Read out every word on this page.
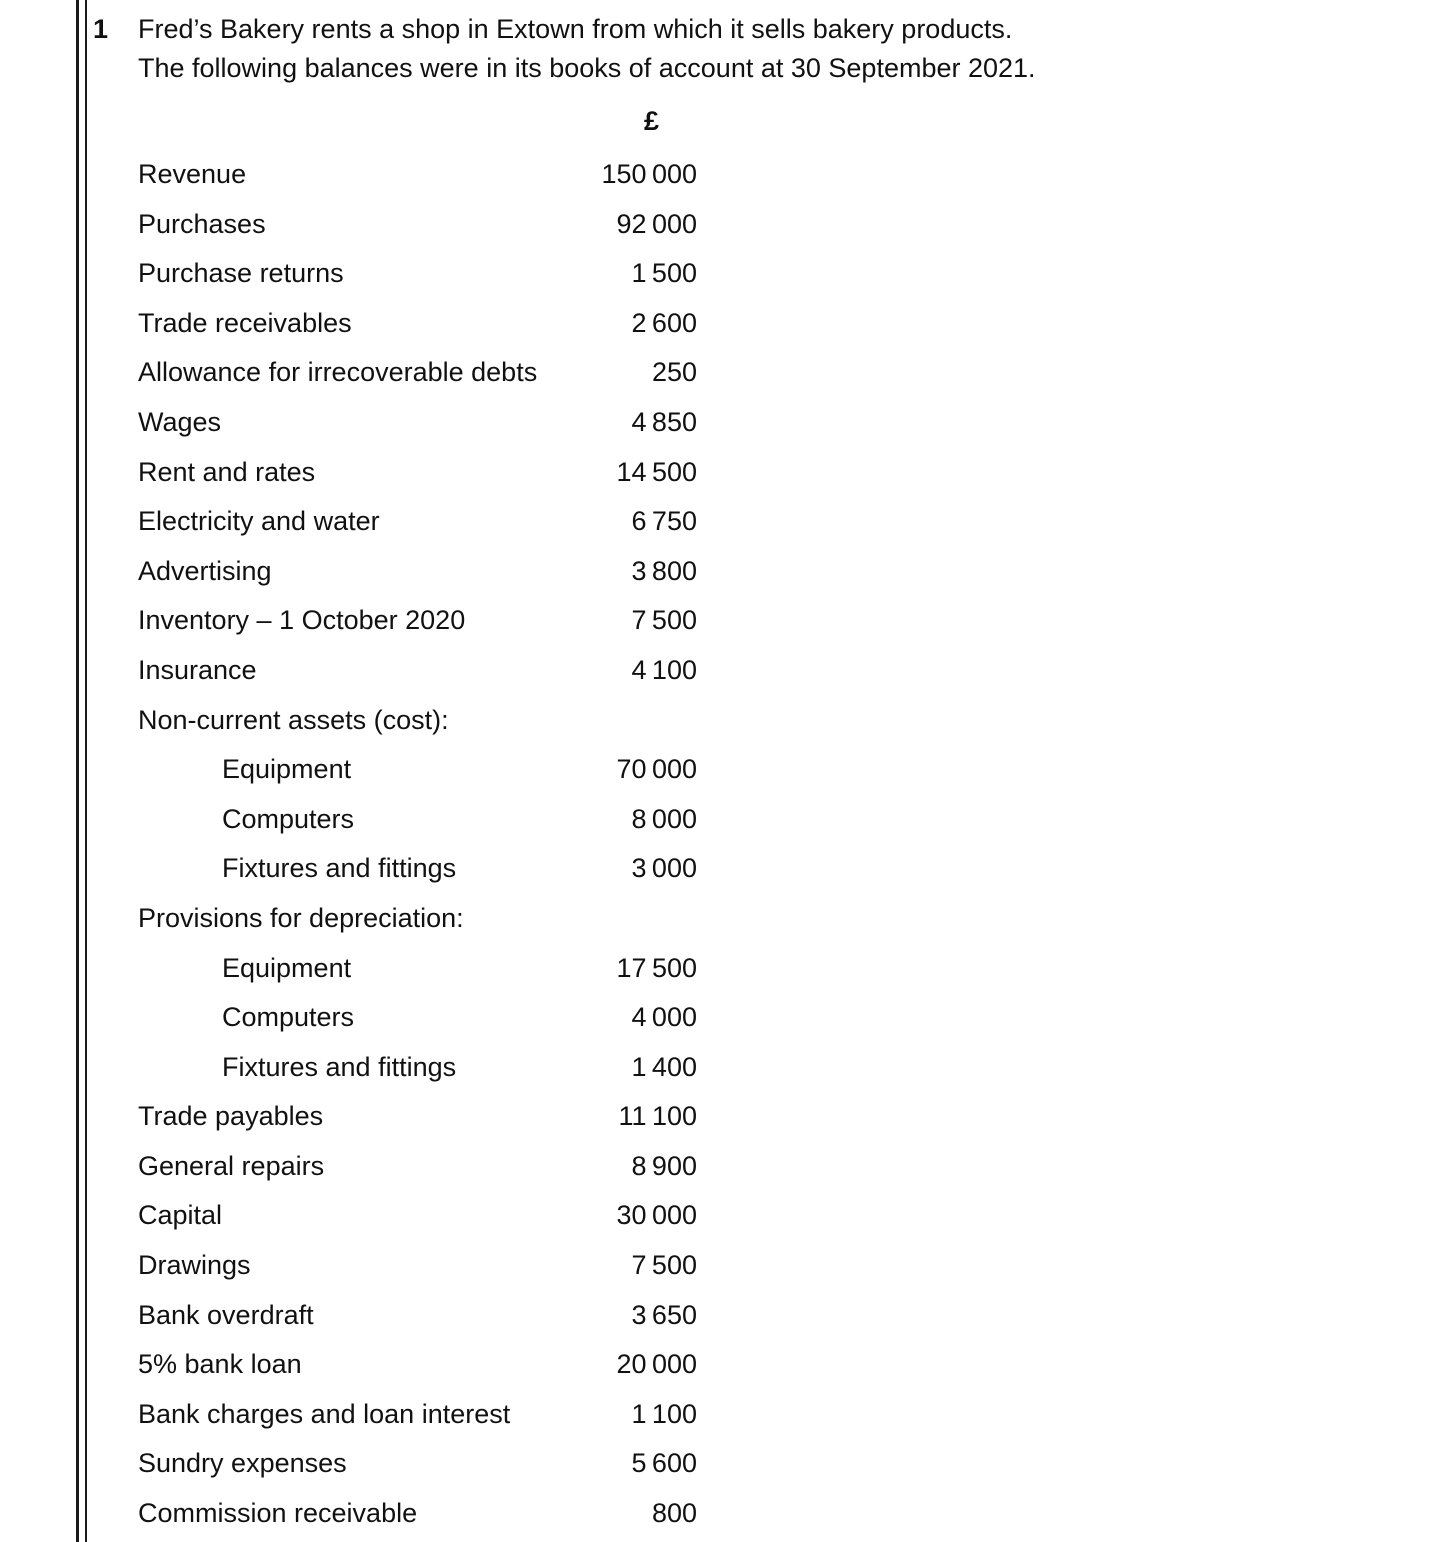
1 Fred’s Bakery rents a shop in Extown from which it sells bakery products.
The following balances were in its books of account at 30 September 2021.
£
Revenue	150 000
Purchases	92 000
Purchase returns	1 500
Trade receivables	2 600
Allowance for irrecoverable debts	250
Wages	4 850
Rent and rates	14 500
Electricity and water	6 750
Advertising	3 800
Inventory – 1 October 2020	7 500
Insurance	4 100
Non-current assets (cost):
Equipment	70 000
Computers	8 000
Fixtures and fittings	3 000
Provisions for depreciation:
Equipment	17 500
Computers	4 000
Fixtures and fittings	1 400
Trade payables	11 100
General repairs	8 900
Capital	30 000
Drawings	7 500
Bank overdraft	3 650
5% bank loan	20 000
Bank charges and loan interest	1 100
Sundry expenses	5 600
Commission receivable	800
